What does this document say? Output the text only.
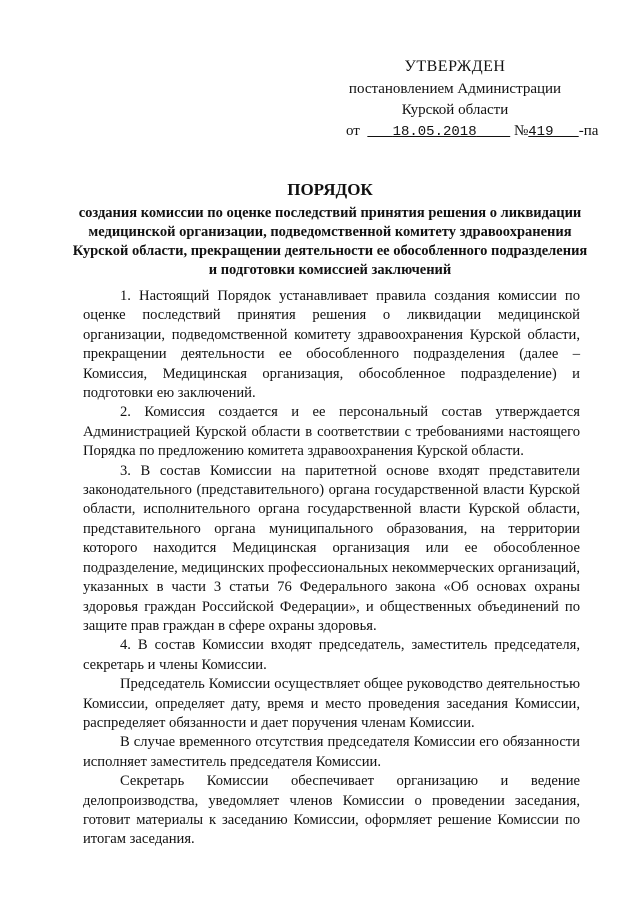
УТВЕРЖДЕН
постановлением Администрации
Курской области
от 18.05.2018 №419 -па
ПОРЯДОК
создания комиссии по оценке последствий принятия решения о ликвидации медицинской организации, подведомственной комитету здравоохранения Курской области, прекращении деятельности ее обособленного подразделения и подготовки комиссией заключений

1. Настоящий Порядок устанавливает правила создания комиссии по оценке последствий принятия решения о ликвидации медицинской организации, подведомственной комитету здравоохранения Курской области, прекращении деятельности ее обособленного подразделения (далее – Комиссия, Медицинская организация, обособленное подразделение) и подготовки ею заключений.

2. Комиссия создается и ее персональный состав утверждается Администрацией Курской области в соответствии с требованиями настоящего Порядка по предложению комитета здравоохранения Курской области.

3. В состав Комиссии на паритетной основе входят представители законодательного (представительного) органа государственной власти Курской области, исполнительного органа государственной власти Курской области, представительного органа муниципального образования, на территории которого находится Медицинская организация или ее обособленное подразделение, медицинских профессиональных некоммерческих организаций, указанных в части 3 статьи 76 Федерального закона «Об основах охраны здоровья граждан Российской Федерации», и общественных объединений по защите прав граждан в сфере охраны здоровья.

4. В состав Комиссии входят председатель, заместитель председателя, секретарь и члены Комиссии.

Председатель Комиссии осуществляет общее руководство деятельностью Комиссии, определяет дату, время и место проведения заседания Комиссии, распределяет обязанности и дает поручения членам Комиссии.

В случае временного отсутствия председателя Комиссии его обязанности исполняет заместитель председателя Комиссии.

Секретарь Комиссии обеспечивает организацию и ведение делопроизводства, уведомляет членов Комиссии о проведении заседания, готовит материалы к заседанию Комиссии, оформляет решение Комиссии по итогам заседания.
